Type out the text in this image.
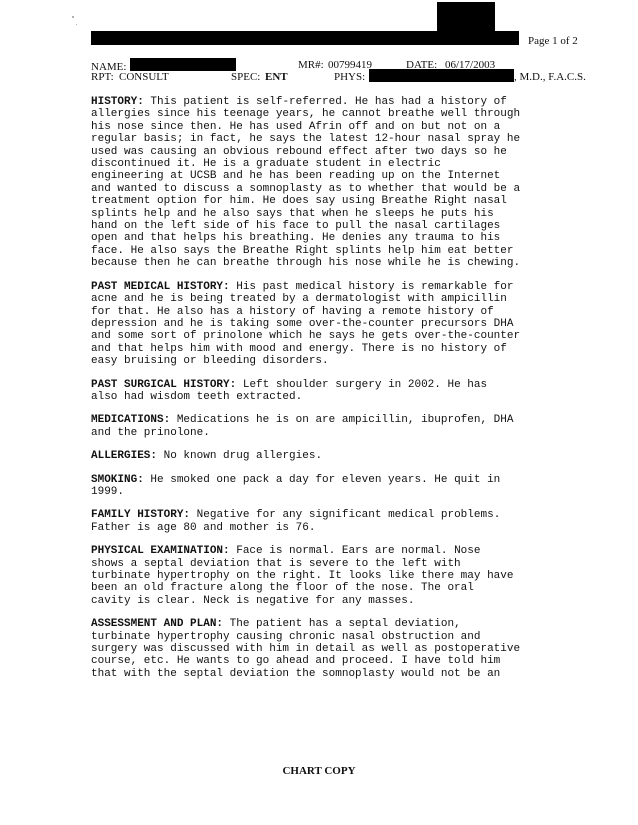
Page 1 of 2
NAME:	MR#: 00799419	DATE: 06/17/2003
RPT: CONSULT	SPEC: ENT	PHYS:	, M.D., F.A.C.S.
HISTORY: This patient is self-referred. He has had a history of
allergies since his teenage years, he cannot breathe well through
his nose since then. He has used Afrin off and on but not on a
regular basis; in fact, he says the latest 12-hour nasal spray he
used was causing an obvious rebound effect after two days so he
discontinued it. He is a graduate student in electric
engineering at UCSB and he has been reading up on the Internet
and wanted to discuss a somnoplasty as to whether that would be a
treatment option for him. He does say using Breathe Right nasal
splints help and he also says that when he sleeps he puts his
hand on the left side of his face to pull the nasal cartilages
open and that helps his breathing. He denies any trauma to his
face. He also says the Breathe Right splints help him eat better
because then he can breathe through his nose while he is chewing.
PAST MEDICAL HISTORY: His past medical history is remarkable for
acne and he is being treated by a dermatologist with ampicillin
for that. He also has a history of having a remote history of
depression and he is taking some over-the-counter precursors DHA
and some sort of prinolone which he says he gets over-the-counter
and that helps him with mood and energy. There is no history of
easy bruising or bleeding disorders.
PAST SURGICAL HISTORY: Left shoulder surgery in 2002. He has
also had wisdom teeth extracted.
MEDICATIONS: Medications he is on are ampicillin, ibuprofen, DHA
and the prinolone.
ALLERGIES: No known drug allergies.
SMOKING: He smoked one pack a day for eleven years. He quit in
1999.
FAMILY HISTORY: Negative for any significant medical problems.
Father is age 80 and mother is 76.
PHYSICAL EXAMINATION: Face is normal. Ears are normal. Nose
shows a septal deviation that is severe to the left with
turbinate hypertrophy on the right. It looks like there may have
been an old fracture along the floor of the nose. The oral
cavity is clear. Neck is negative for any masses.
ASSESSMENT AND PLAN: The patient has a septal deviation,
turbinate hypertrophy causing chronic nasal obstruction and
surgery was discussed with him in detail as well as postoperative
course, etc. He wants to go ahead and proceed. I have told him
that with the septal deviation the somnoplasty would not be an
CHART COPY
